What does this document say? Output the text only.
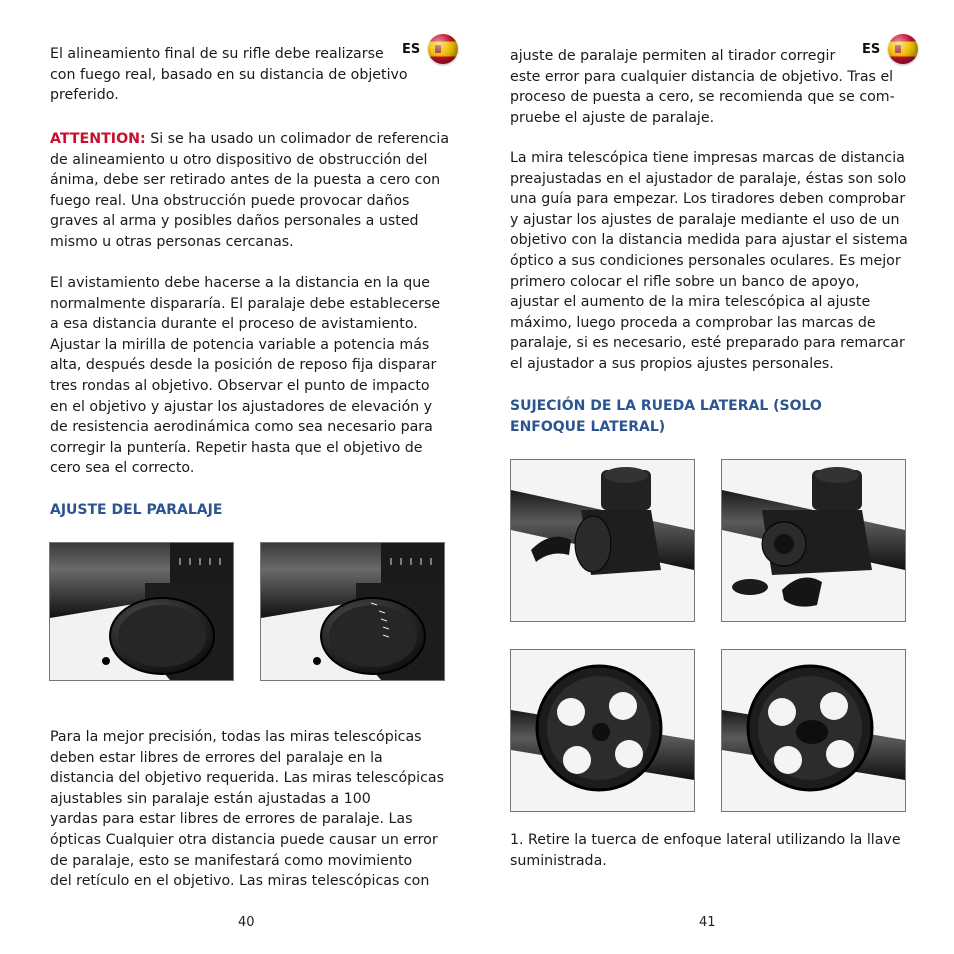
ES

El alineamiento final de su rifle debe realizarse

con fuego real, basado en su distancia de objetivo

preferido.

ATTENTION: Si se ha usado un colimador de referencia

de alineamiento u otro dispositivo de obstrucción del

ánima, debe ser retirado antes de la puesta a cero con

fuego real. Una obstrucción puede provocar daños

graves al arma y posibles daños personales a usted

mismo u otras personas cercanas.

El avistamiento debe hacerse a la distancia en la que

normalmente dispararía. El paralaje debe establecerse

a esa distancia durante el proceso de avistamiento.

Ajustar la mirilla de potencia variable a potencia más

alta, después desde la posición de reposo fija disparar

tres rondas al objetivo. Observar el punto de impacto

en el objetivo y ajustar los ajustadores de elevación y

de resistencia aerodinámica como sea necesario para

corregir la puntería. Repetir hasta que el objetivo de

cero sea el correcto.

AJUSTE DEL PARALAJE

Para la mejor precisión, todas las miras telescópicas

deben estar libres de errores del paralaje en la

distancia del objetivo requerida. Las miras telescópicas

ajustables sin paralaje están ajustadas a 100

yardas para estar libres de errores de paralaje. Las

ópticas Cualquier otra distancia puede causar un error

de paralaje, esto se manifestará como movimiento

del retículo en el objetivo. Las miras telescópicas con

40
ES

ajuste de paralaje permiten al tirador corregir

este error para cualquier distancia de objetivo. Tras el

proceso de puesta a cero, se recomienda que se com-

pruebe el ajuste de paralaje.

La mira telescópica tiene impresas marcas de distancia

preajustadas en el ajustador de paralaje, éstas son solo

una guía para empezar. Los tiradores deben comprobar

y ajustar los ajustes de paralaje mediante el uso de un

objetivo con la distancia medida para ajustar el sistema

óptico a sus condiciones personales oculares. Es mejor

primero colocar el rifle sobre un banco de apoyo,

ajustar el aumento de la mira telescópica al ajuste

máximo, luego proceda a comprobar las marcas de

paralaje, si es necesario, esté preparado para remarcar

el ajustador a sus propios ajustes personales.

SUJECIÓN DE LA RUEDA LATERAL (SOLO
ENFOQUE LATERAL)

1. Retire la tuerca de enfoque lateral utilizando la llave

suministrada.

41
